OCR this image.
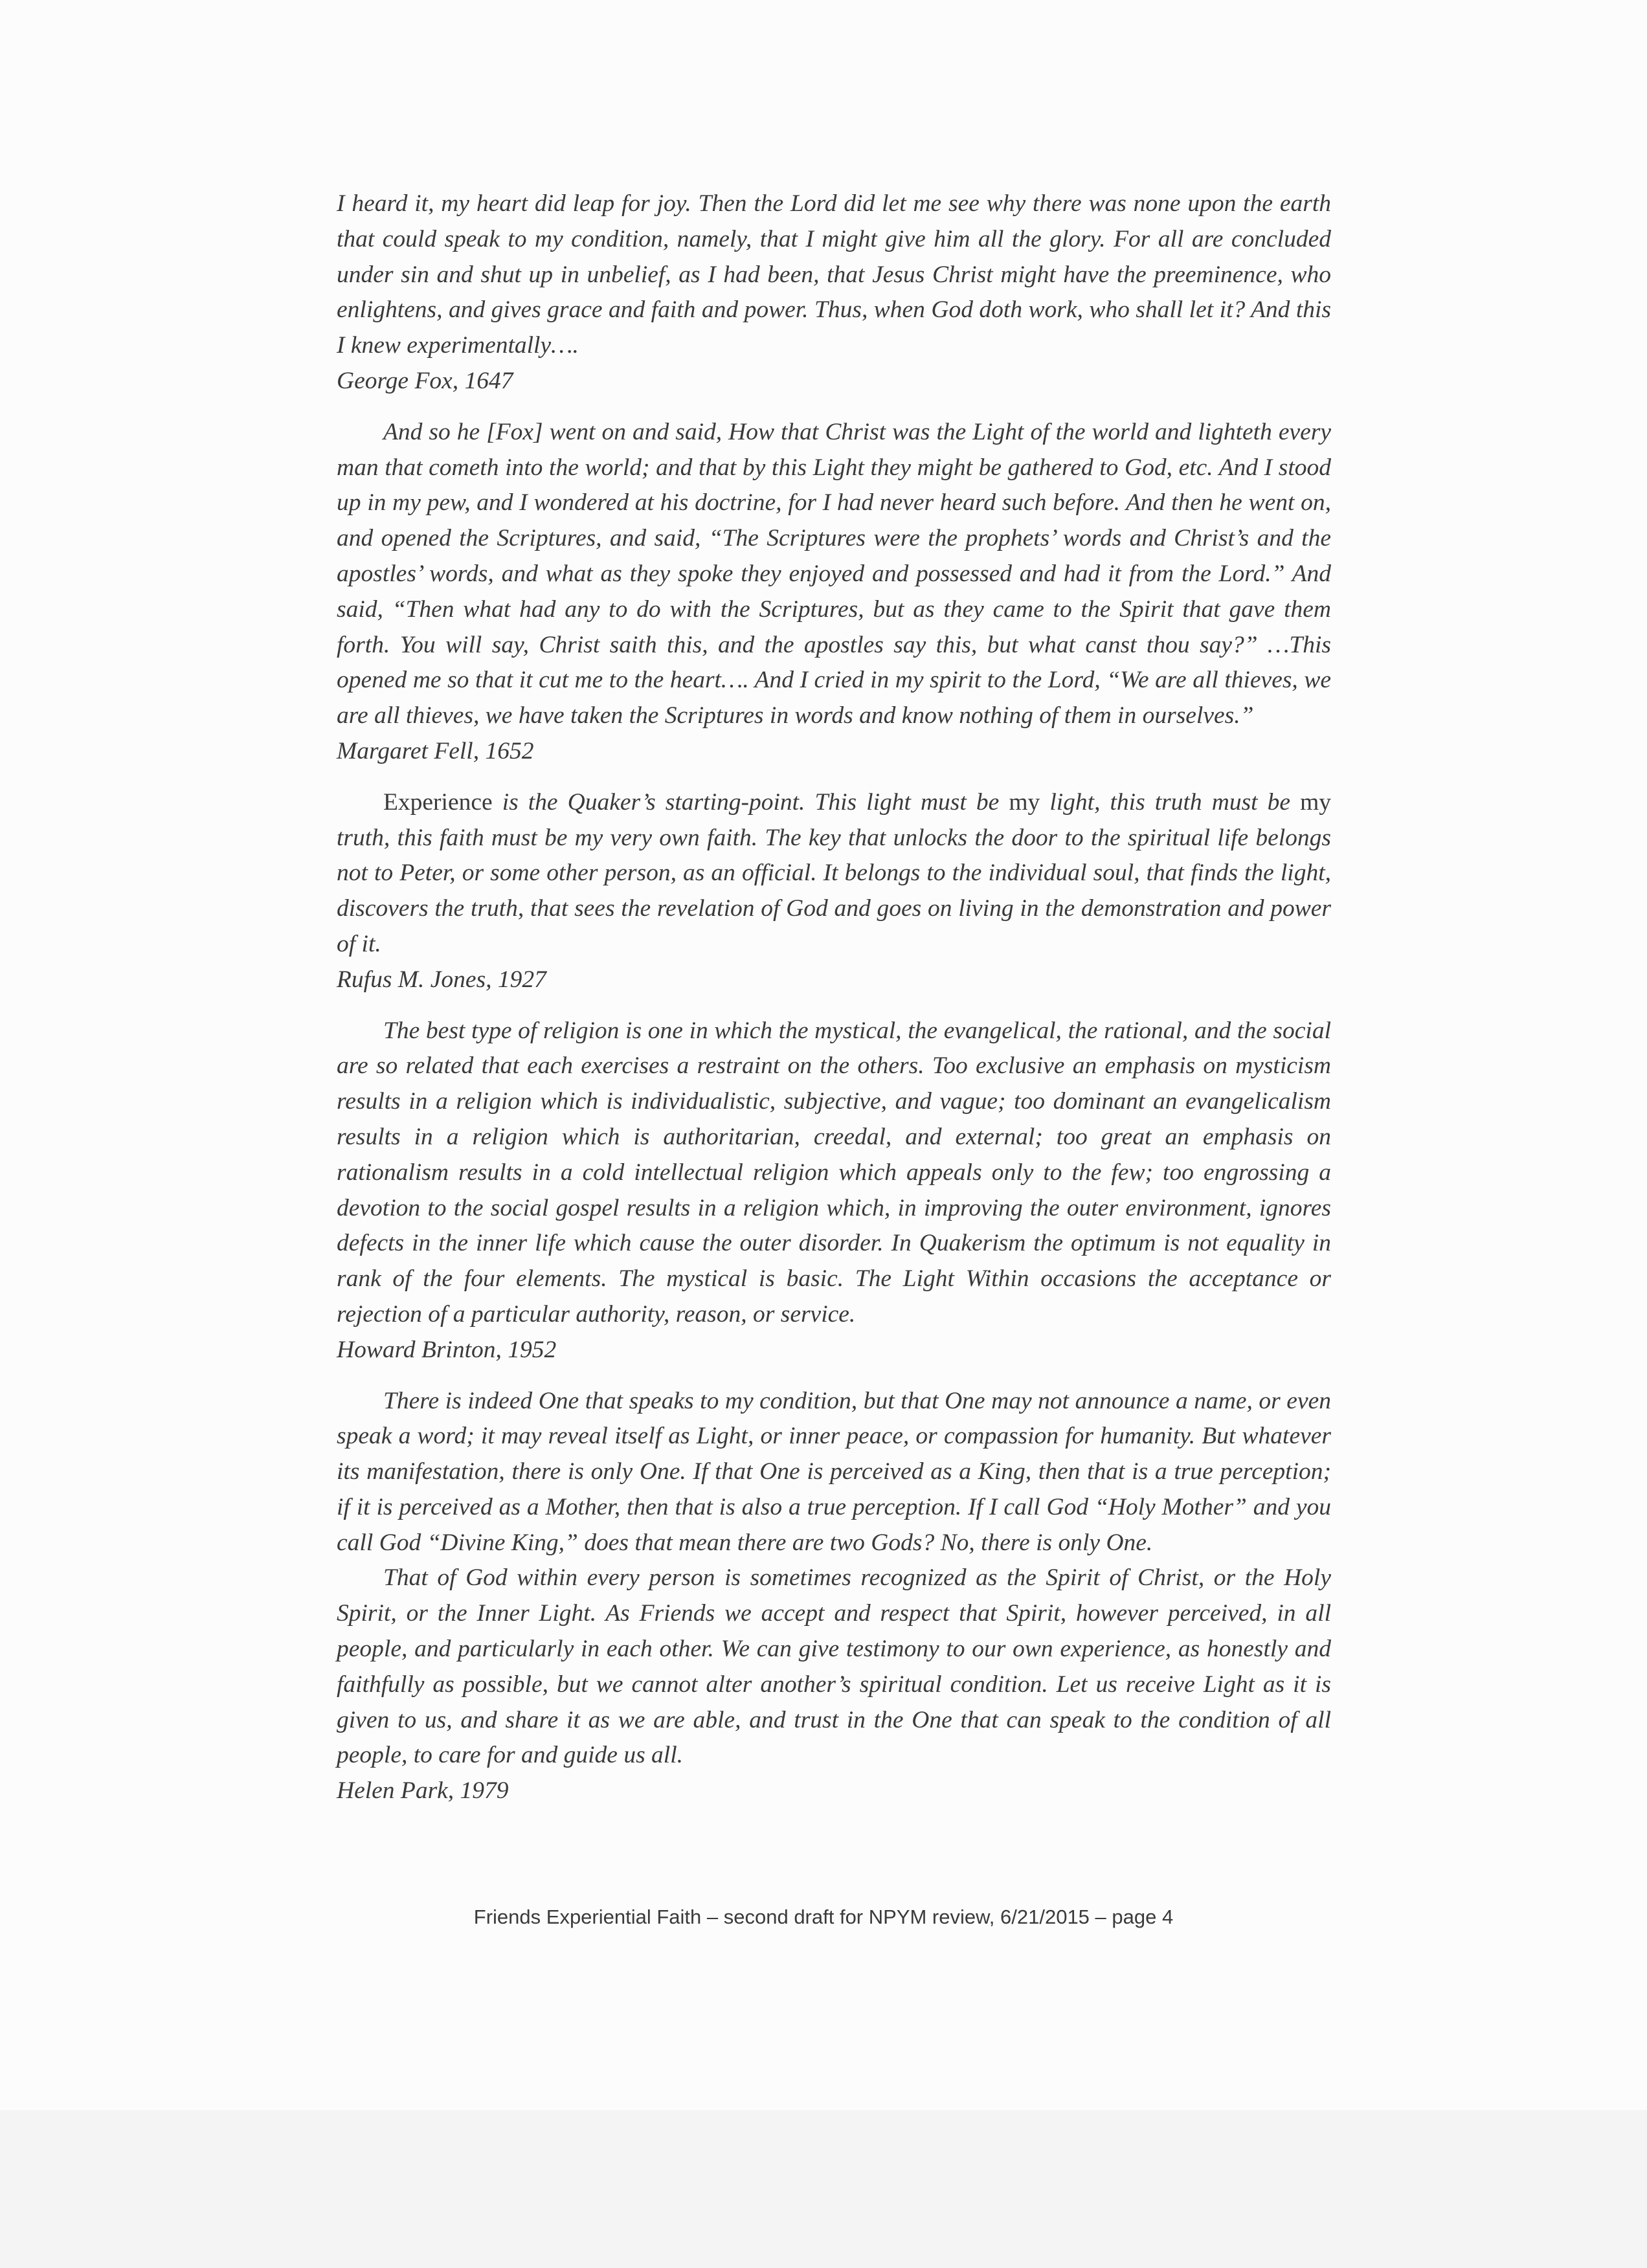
I heard it, my heart did leap for joy. Then the Lord did let me see why there was none upon the earth that could speak to my condition, namely, that I might give him all the glory. For all are concluded under sin and shut up in unbelief, as I had been, that Jesus Christ might have the preeminence, who enlightens, and gives grace and faith and power. Thus, when God doth work, who shall let it? And this I knew experimentally….

George Fox, 1647

And so he [Fox] went on and said, How that Christ was the Light of the world and lighteth every man that cometh into the world; and that by this Light they might be gathered to God, etc. And I stood up in my pew, and I wondered at his doctrine, for I had never heard such before. And then he went on, and opened the Scriptures, and said, “The Scriptures were the prophets’ words and Christ’s and the apostles’ words, and what as they spoke they enjoyed and possessed and had it from the Lord.” And said, “Then what had any to do with the Scriptures, but as they came to the Spirit that gave them forth. You will say, Christ saith this, and the apostles say this, but what canst thou say?” …This opened me so that it cut me to the heart…. And I cried in my spirit to the Lord, “We are all thieves, we are all thieves, we have taken the Scriptures in words and know nothing of them in ourselves.”

Margaret Fell, 1652

Experience is the Quaker’s starting-point. This light must be my light, this truth must be my truth, this faith must be my very own faith. The key that unlocks the door to the spiritual life belongs not to Peter, or some other person, as an official. It belongs to the individual soul, that finds the light, discovers the truth, that sees the revelation of God and goes on living in the demonstration and power of it.

Rufus M. Jones, 1927

The best type of religion is one in which the mystical, the evangelical, the rational, and the social are so related that each exercises a restraint on the others. Too exclusive an emphasis on mysticism results in a religion which is individualistic, subjective, and vague; too dominant an evangelicalism results in a religion which is authoritarian, creedal, and external; too great an emphasis on rationalism results in a cold intellectual religion which appeals only to the few; too engrossing a devotion to the social gospel results in a religion which, in improving the outer environment, ignores defects in the inner life which cause the outer disorder. In Quakerism the optimum is not equality in rank of the four elements. The mystical is basic. The Light Within occasions the acceptance or rejection of a particular authority, reason, or service.

Howard Brinton, 1952

There is indeed One that speaks to my condition, but that One may not announce a name, or even speak a word; it may reveal itself as Light, or inner peace, or compassion for humanity. But whatever its manifestation, there is only One. If that One is perceived as a King, then that is a true perception; if it is perceived as a Mother, then that is also a true perception. If I call God “Holy Mother” and you call God “Divine King,” does that mean there are two Gods? No, there is only One.

That of God within every person is sometimes recognized as the Spirit of Christ, or the Holy Spirit, or the Inner Light. As Friends we accept and respect that Spirit, however perceived, in all people, and particularly in each other. We can give testimony to our own experience, as honestly and faithfully as possible, but we cannot alter another’s spiritual condition. Let us receive Light as it is given to us, and share it as we are able, and trust in the One that can speak to the condition of all people, to care for and guide us all.

Helen Park, 1979

Friends Experiential Faith – second draft for NPYM review, 6/21/2015 – page 4
